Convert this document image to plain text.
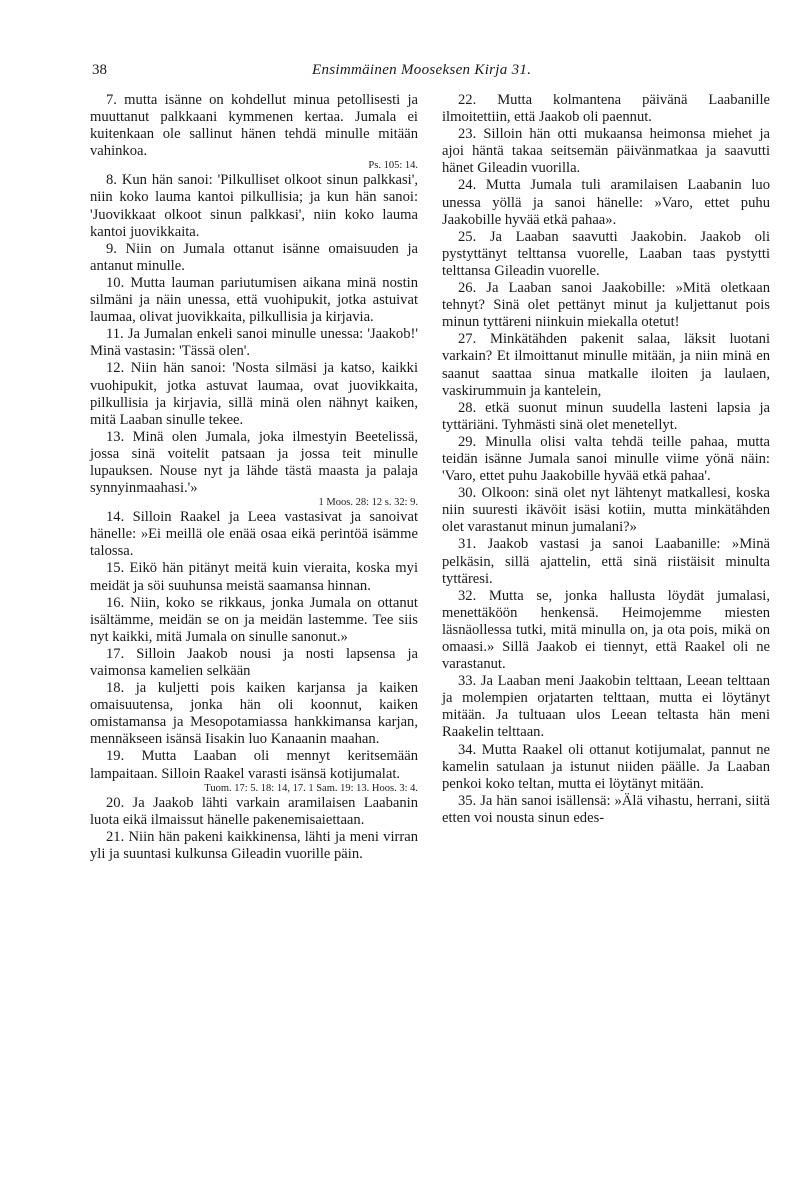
38	Ensimmäinen Mooseksen Kirja 31.

7. mutta isänne on kohdellut minua petollisesti ja muuttanut palkkaani kymmenen kertaa. Jumala ei kuitenkaan ole sallinut hänen tehdä minulle mitään vahinkoa.
Ps. 105: 14.

8. Kun hän sanoi: 'Pilkulliset olkoot sinun palkkasi', niin koko lauma kantoi pilkullisia; ja kun hän sanoi: 'Juovikkaat olkoot sinun palkkasi', niin koko lauma kantoi juovikkaita.

9. Niin on Jumala ottanut isänne omaisuuden ja antanut minulle.

10. Mutta lauman pariutumisen aikana minä nostin silmäni ja näin unessa, että vuohipukit, jotka astuivat laumaa, olivat juovikkaita, pilkullisia ja kirjavia.

11. Ja Jumalan enkeli sanoi minulle unessa: 'Jaakob!' Minä vastasin: 'Tässä olen'.

12. Niin hän sanoi: 'Nosta silmäsi ja katso, kaikki vuohipukit, jotka astuvat laumaa, ovat juovikkaita, pilkullisia ja kirjavia, sillä minä olen nähnyt kaiken, mitä Laaban sinulle tekee.

13. Minä olen Jumala, joka ilmestyin Beetelissä, jossa sinä voitelit patsaan ja jossa teit minulle lupauksen. Nouse nyt ja lähde tästä maasta ja palaja synnyinmaahasi.'»
1 Moos. 28: 12 s. 32: 9.

14. Silloin Raakel ja Leea vastasivat ja sanoivat hänelle: »Ei meillä ole enää osaa eikä perintöä isämme talossa.

15. Eikö hän pitänyt meitä kuin vieraita, koska myi meidät ja söi suuhunsa meistä saamansa hinnan.

16. Niin, koko se rikkaus, jonka Jumala on ottanut isältämme, meidän se on ja meidän lastemme. Tee siis nyt kaikki, mitä Jumala on sinulle sanonut.»

17. Silloin Jaakob nousi ja nosti lapsensa ja vaimonsa kamelien selkään

18. ja kuljetti pois kaiken karjansa ja kaiken omaisuutensa, jonka hän oli koonnut, kaiken omistamansa ja Mesopotamiassa hankkimansa karjan, mennäkseen isänsä Iisakin luo Kanaanin maahan.

19. Mutta Laaban oli mennyt keritsemään lampaitaan. Silloin Raakel varasti isänsä kotijumalat.
Tuom. 17: 5. 18: 14, 17. 1 Sam. 19: 13. Hoos. 3: 4.

20. Ja Jaakob lähti varkain aramilaisen Laabanin luota eikä ilmaissut hänelle pakenemisaiettaan.

21. Niin hän pakeni kaikkinensa, lähti ja meni virran yli ja suuntasi kulkunsa Gileadin vuorille päin.

22. Mutta kolmantena päivänä Laabanille ilmoitettiin, että Jaakob oli paennut.

23. Silloin hän otti mukaansa heimonsa miehet ja ajoi häntä takaa seitsemän päivänmatkaa ja saavutti hänet Gileadin vuorilla.

24. Mutta Jumala tuli aramilaisen Laabanin luo unessa yöllä ja sanoi hänelle: »Varo, ettet puhu Jaakobille hyvää etkä pahaa».

25. Ja Laaban saavutti Jaakobin. Jaakob oli pystyttänyt telttansa vuorelle, Laaban taas pystytti telttansa Gileadin vuorelle.

26. Ja Laaban sanoi Jaakobille: »Mitä oletkaan tehnyt? Sinä olet pettänyt minut ja kuljettanut pois minun tyttäreni niinkuin miekalla otetut!

27. Minkätähden pakenit salaa, läksit luotani varkain? Et ilmoittanut minulle mitään, ja niin minä en saanut saattaa sinua matkalle iloiten ja laulaen, vaskirummuin ja kantelein,

28. etkä suonut minun suudella lasteni lapsia ja tyttäriäni. Tyhmästi sinä olet menetellyt.

29. Minulla olisi valta tehdä teille pahaa, mutta teidän isänne Jumala sanoi minulle viime yönä näin: 'Varo, ettet puhu Jaakobille hyvää etkä pahaa'.

30. Olkoon: sinä olet nyt lähtenyt matkallesi, koska niin suuresti ikävöit isäsi kotiin, mutta minkätähden olet varastanut minun jumalani?»

31. Jaakob vastasi ja sanoi Laabanille: »Minä pelkäsin, sillä ajattelin, että sinä riistäisit minulta tyttäresi.

32. Mutta se, jonka hallusta löydät jumalasi, menettäköön henkensä. Heimojemme miesten läsnäollessa tutki, mitä minulla on, ja ota pois, mikä on omaasi.» Sillä Jaakob ei tiennyt, että Raakel oli ne varastanut.

33. Ja Laaban meni Jaakobin telttaan, Leean telttaan ja molempien orjatarten telttaan, mutta ei löytänyt mitään. Ja tultuaan ulos Leean teltasta hän meni Raakelin telttaan.

34. Mutta Raakel oli ottanut kotijumalat, pannut ne kamelin satulaan ja istunut niiden päälle. Ja Laaban penkoi koko teltan, mutta ei löytänyt mitään.

35. Ja hän sanoi isällensä: »Älä vihastu, herrani, siitä etten voi nousta sinun edes-
